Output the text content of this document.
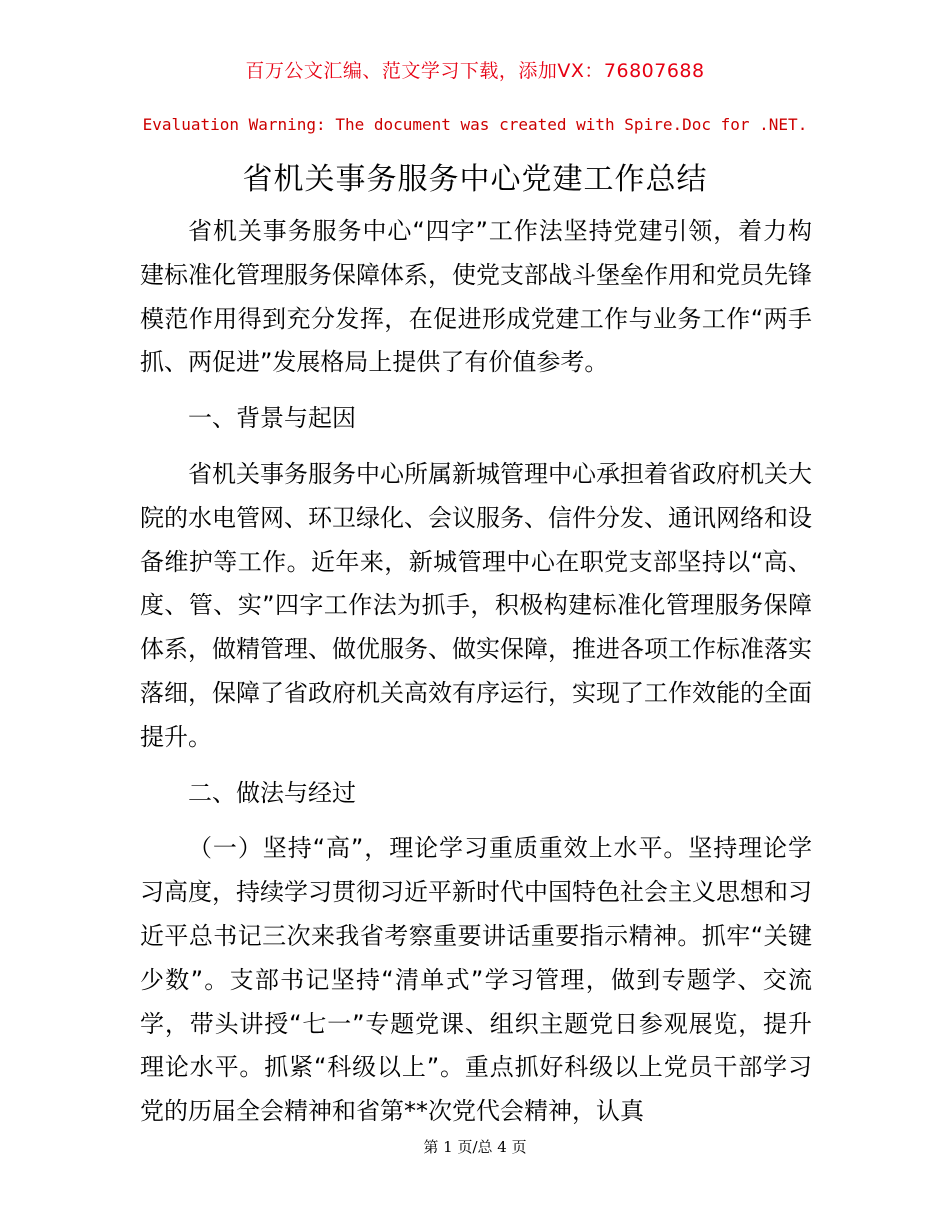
百万公文汇编、范文学习下载，添加VX：76807688
Evaluation Warning: The document was created with Spire.Doc for .NET.
省机关事务服务中心党建工作总结

省机关事务服务中心“四字”工作法坚持党建引领，着力构建标准化管理服务保障体系，使党支部战斗堡垒作用和党员先锋模范作用得到充分发挥，在促进形成党建工作与业务工作“两手抓、两促进”发展格局上提供了有价值参考。

一、背景与起因

省机关事务服务中心所属新城管理中心承担着省政府机关大院的水电管网、环卫绿化、会议服务、信件分发、通讯网络和设备维护等工作。近年来，新城管理中心在职党支部坚持以“高、度、管、实”四字工作法为抓手，积极构建标准化管理服务保障体系，做精管理、做优服务、做实保障，推进各项工作标准落实落细，保障了省政府机关高效有序运行，实现了工作效能的全面提升。

二、做法与经过

（一）坚持“高”，理论学习重质重效上水平。坚持理论学习高度，持续学习贯彻习近平新时代中国特色社会主义思想和习近平总书记三次来我省考察重要讲话重要指示精神。抓牢“关键少数”。支部书记坚持“清单式”学习管理，做到专题学、交流学，带头讲授“七一”专题党课、组织主题党日参观展览，提升理论水平。抓紧“科级以上”。重点抓好科级以上党员干部学习党的历届全会精神和省第**次党代会精神，认真

第 1 页/总 4 页
